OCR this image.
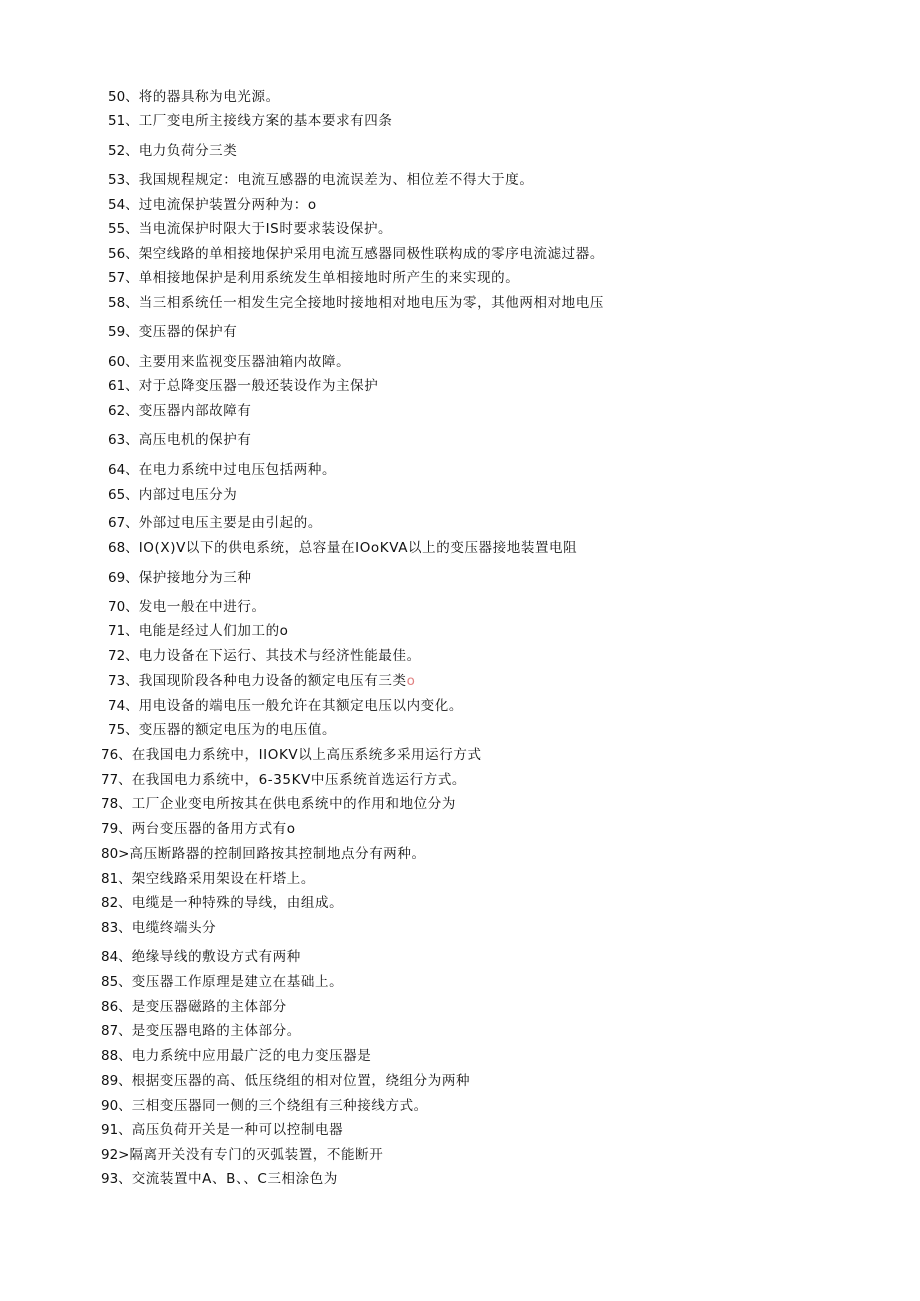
50、将的器具称为电光源。
51、工厂变电所主接线方案的基本要求有四条
52、电力负荷分三类
53、我国规程规定：电流互感器的电流误差为、相位差不得大于度。
54、过电流保护装置分两种为：o
55、当电流保护时限大于IS时要求装设保护。
56、架空线路的单相接地保护采用电流互感器同极性联构成的零序电流滤过器。
57、单相接地保护是利用系统发生单相接地时所产生的来实现的。
58、当三相系统任一相发生完全接地时接地相对地电压为零，其他两相对地电压
59、变压器的保护有
60、主要用来监视变压器油箱内故障。
61、对于总降变压器一般还装设作为主保护
62、变压器内部故障有
63、高压电机的保护有
64、在电力系统中过电压包括两种。
65、内部过电压分为
67、外部过电压主要是由引起的。
68、IO(X)V以下的供电系统，总容量在IOoKVA以上的变压器接地装置电阻
69、保护接地分为三种
70、发电一般在中进行。
71、电能是经过人们加工的o
72、电力设备在下运行、其技术与经济性能最佳。
73、我国现阶段各种电力设备的额定电压有三类o
74、用电设备的端电压一般允许在其额定电压以内变化。
75、变压器的额定电压为的电压值。
76、在我国电力系统中，IIOKV以上高压系统多采用运行方式
77、在我国电力系统中，6-35KV中压系统首选运行方式。
78、工厂企业变电所按其在供电系统中的作用和地位分为
79、两台变压器的备用方式有o
80>高压断路器的控制回路按其控制地点分有两种。
81、架空线路采用架设在杆塔上。
82、电缆是一种特殊的导线，由组成。
83、电缆终端头分
84、绝缘导线的敷设方式有两种
85、变压器工作原理是建立在基础上。
86、是变压器磁路的主体部分
87、是变压器电路的主体部分。
88、电力系统中应用最广泛的电力变压器是
89、根据变压器的高、低压绕组的相对位置，绕组分为两种
90、三相变压器同一侧的三个绕组有三种接线方式。
91、高压负荷开关是一种可以控制电器
92>隔离开关没有专门的灭弧装置，不能断开
93、交流装置中A、B、、C三相涂色为
